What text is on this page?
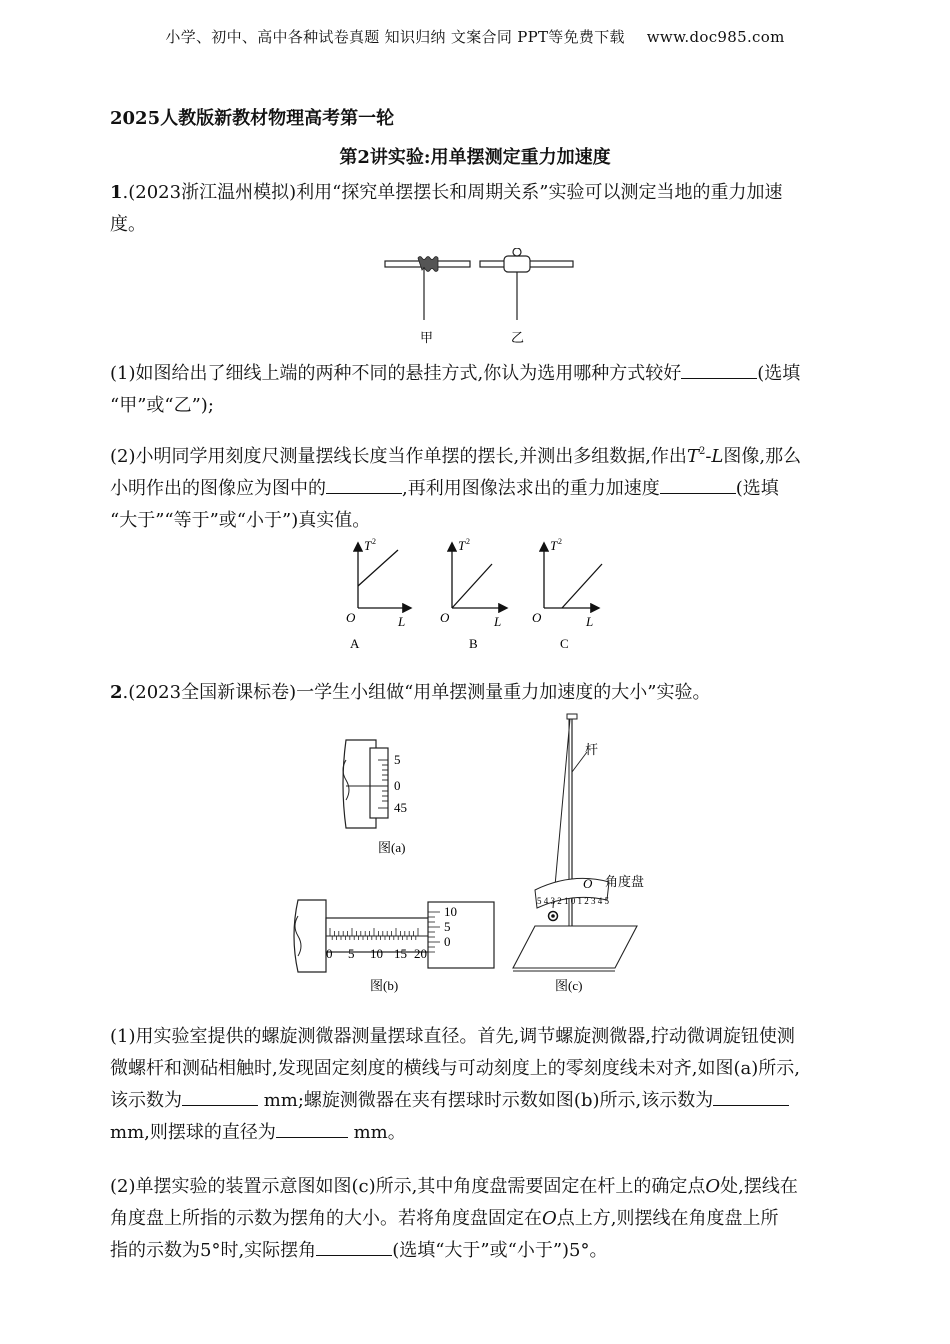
小学、初中、高中各种试卷真题 知识归纳 文案合同 PPT等免费下载 www.doc985.com
2025人教版新教材物理高考第一轮
第2讲实验:用单摆测定重力加速度
1.(2023浙江温州模拟)利用“探究单摆摆长和周期关系”实验可以测定当地的重力加速
度。
甲	乙
(1)如图给出了细线上端的两种不同的悬挂方式,你认为选用哪种方式较好	(选填
“甲”或“乙”);
(2)小明同学用刻度尺测量摆线长度当作单摆的摆长,并测出多组数据,作出$T^2-L$图像,那么
小明作出的图像应为图中的	,再利用图像法求出的重力加速度	(选填
“大于”“等于”或“小于”)真实值。
T 2
O	L
A
T 2
O	L
B
T 2
O	L
C
2.(2023全国新课标卷)一学生小组做“用单摆测量重力加速度的大小”实验。
5
0
45
图(a)
10
5
0
0 5 10 15 20
图(b)
杆
5 4 3 2 1 0 1 2 3 4 5
O 角度盘
图(c)
(1)用实验室提供的螺旋测微器测量摆球直径。首先,调节螺旋测微器,拧动微调旋钮使测
微螺杆和测砧相触时,发现固定刻度的横线与可动刻度上的零刻度线未对齐,如图(a)所示,
该示数为	mm;螺旋测微器在夹有摆球时示数如图(b)所示,该示数为
mm,则摆球的直径为	mm。
(2)单摆实验的装置示意图如图(c)所示,其中角度盘需要固定在杆上的确定点O处,摆线在
角度盘上所指的示数为摆角的大小。若将角度盘固定在O点上方,则摆线在角度盘上所
指的示数为5°时,实际摆角	(选填“大于”或“小于”)5°。
